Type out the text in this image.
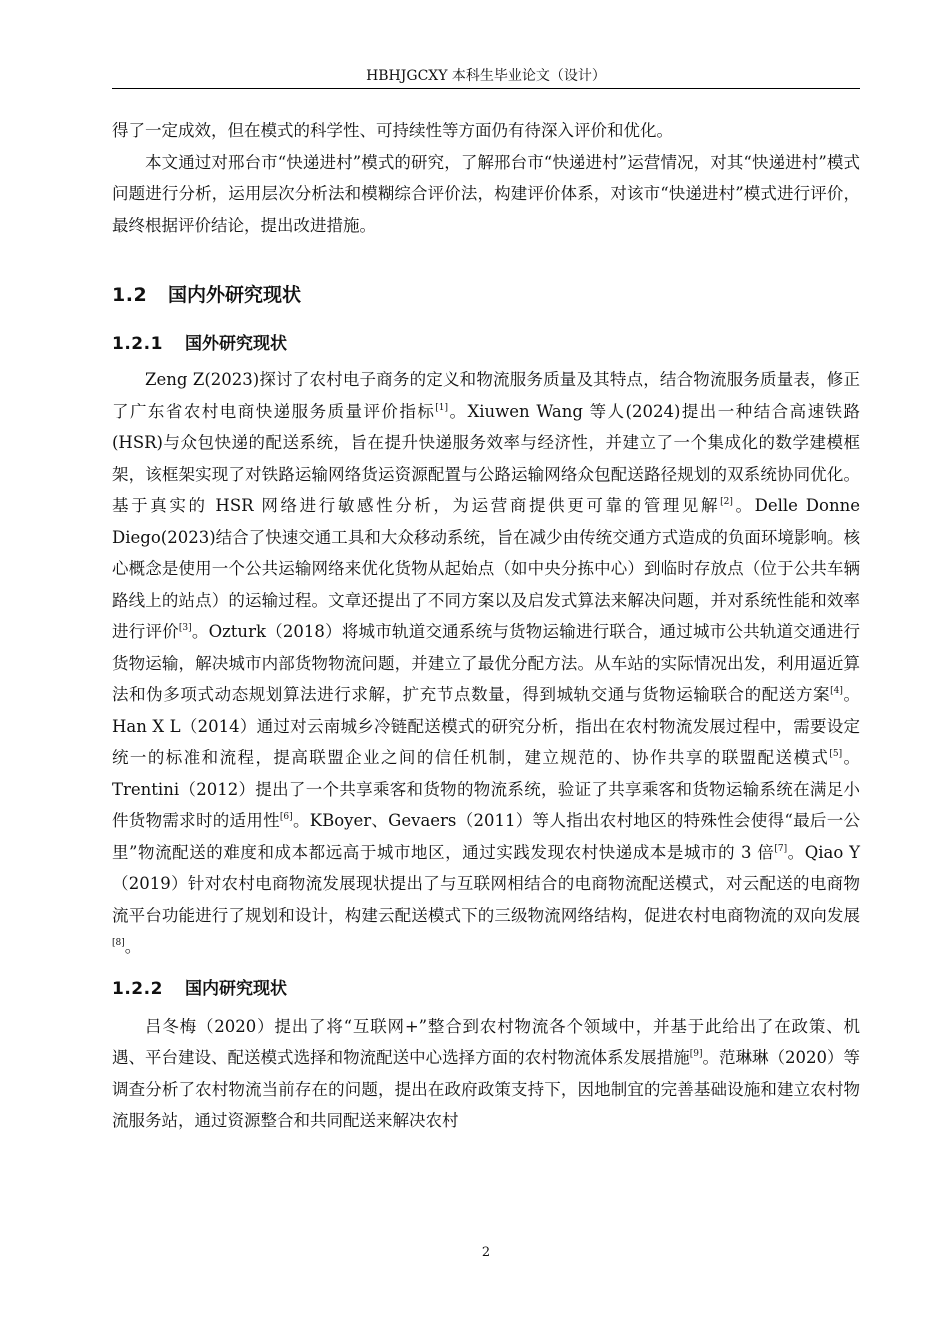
HBHJGCXY 本科生毕业论文（设计）

得了一定成效，但在模式的科学性、可持续性等方面仍有待深入评价和优化。

本文通过对邢台市“快递进村”模式的研究，了解邢台市“快递进村”运营情况，对其“快递进村”模式问题进行分析，运用层次分析法和模糊综合评价法，构建评价体系，对该市“快递进村”模式进行评价，最终根据评价结论，提出改进措施。

1.2 国内外研究现状
1.2.1 国外研究现状

Zeng Z(2023)探讨了农村电子商务的定义和物流服务质量及其特点，结合物流服务质量表，修正了广东省农村电商快递服务质量评价指标[1]。Xiuwen Wang 等人(2024)提出一种结合高速铁路(HSR)与众包快递的配送系统，旨在提升快递服务效率与经济性，并建立了一个集成化的数学建模框架，该框架实现了对铁路运输网络货运资源配置与公路运输网络众包配送路径规划的双系统协同优化。基于真实的 HSR 网络进行敏感性分析，为运营商提供更可靠的管理见解[2]。Delle Donne Diego(2023)结合了快速交通工具和大众移动系统，旨在减少由传统交通方式造成的负面环境影响。核心概念是使用一个公共运输网络来优化货物从起始点（如中央分拣中心）到临时存放点（位于公共车辆路线上的站点）的运输过程。文章还提出了不同方案以及启发式算法来解决问题，并对系统性能和效率进行评价[3]。Ozturk（2018）将城市轨道交通系统与货物运输进行联合，通过城市公共轨道交通进行货物运输，解决城市内部货物物流问题，并建立了最优分配方法。从车站的实际情况出发，利用逼近算法和伪多项式动态规划算法进行求解，扩充节点数量，得到城轨交通与货物运输联合的配送方案[4]。Han X L（2014）通过对云南城乡冷链配送模式的研究分析，指出在农村物流发展过程中，需要设定统一的标准和流程，提高联盟企业之间的信任机制，建立规范的、协作共享的联盟配送模式[5]。Trentini（2012）提出了一个共享乘客和货物的物流系统，验证了共享乘客和货物运输系统在满足小件货物需求时的适用性[6]。KBoyer、Gevaers（2011）等人指出农村地区的特殊性会使得“最后一公里”物流配送的难度和成本都远高于城市地区，通过实践发现农村快递成本是城市的 3 倍[7]。Qiao Y（2019）针对农村电商物流发展现状提出了与互联网相结合的电商物流配送模式，对云配送的电商物流平台功能进行了规划和设计，构建云配送模式下的三级物流网络结构，促进农村电商物流的双向发展[8]。

1.2.2 国内研究现状

吕冬梅（2020）提出了将“互联网+”整合到农村物流各个领域中，并基于此给出了在政策、机遇、平台建设、配送模式选择和物流配送中心选择方面的农村物流体系发展措施[9]。范琳琳（2020）等调查分析了农村物流当前存在的问题，提出在政府政策支持下，因地制宜的完善基础设施和建立农村物流服务站，通过资源整合和共同配送来解决农村

2
